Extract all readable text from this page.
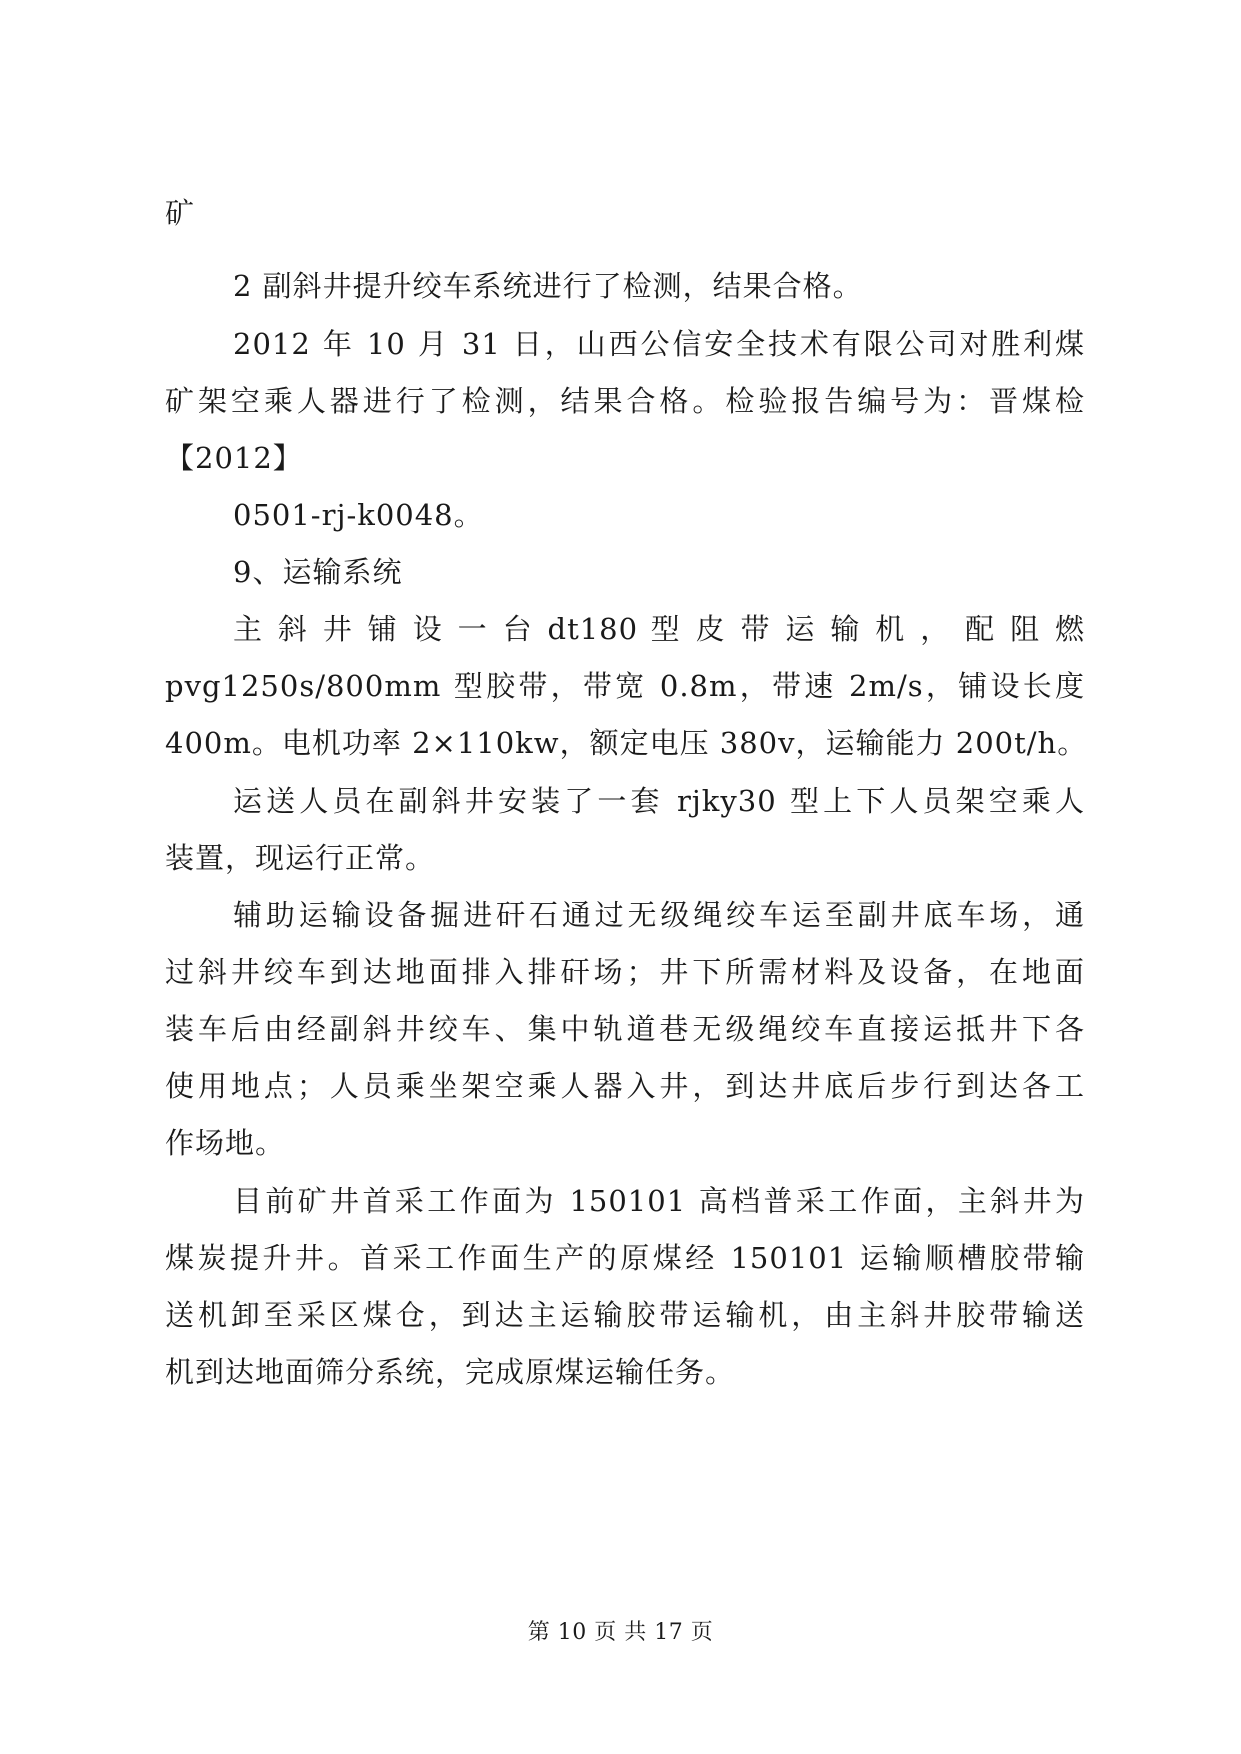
矿
2 副斜井提升绞车系统进行了检测，结果合格。
2012 年 10 月 31 日，山西公信安全技术有限公司对胜利煤
矿架空乘人器进行了检测，结果合格。检验报告编号为：晋煤检
【2012】
0501-rj-k0048。
9、运输系统
主 斜 井 铺 设 一 台 dt180 型 皮 带 运 输 机 ， 配 阻 燃
pvg1250s/800mm 型胶带，带宽 0.8m，带速 2m/s，铺设长度
400m。电机功率 2×110kw，额定电压 380v，运输能力 200t/h。
运送人员在副斜井安装了一套 rjky30 型上下人员架空乘人
装置，现运行正常。
辅助运输设备掘进矸石通过无级绳绞车运至副井底车场，通
过斜井绞车到达地面排入排矸场；井下所需材料及设备，在地面
装车后由经副斜井绞车、集中轨道巷无级绳绞车直接运抵井下各
使用地点；人员乘坐架空乘人器入井，到达井底后步行到达各工
作场地。
目前矿井首采工作面为 150101 高档普采工作面，主斜井为
煤炭提升井。首采工作面生产的原煤经 150101 运输顺槽胶带输
送机卸至采区煤仓，到达主运输胶带运输机，由主斜井胶带输送
机到达地面筛分系统，完成原煤运输任务。
第 10 页 共 17 页
